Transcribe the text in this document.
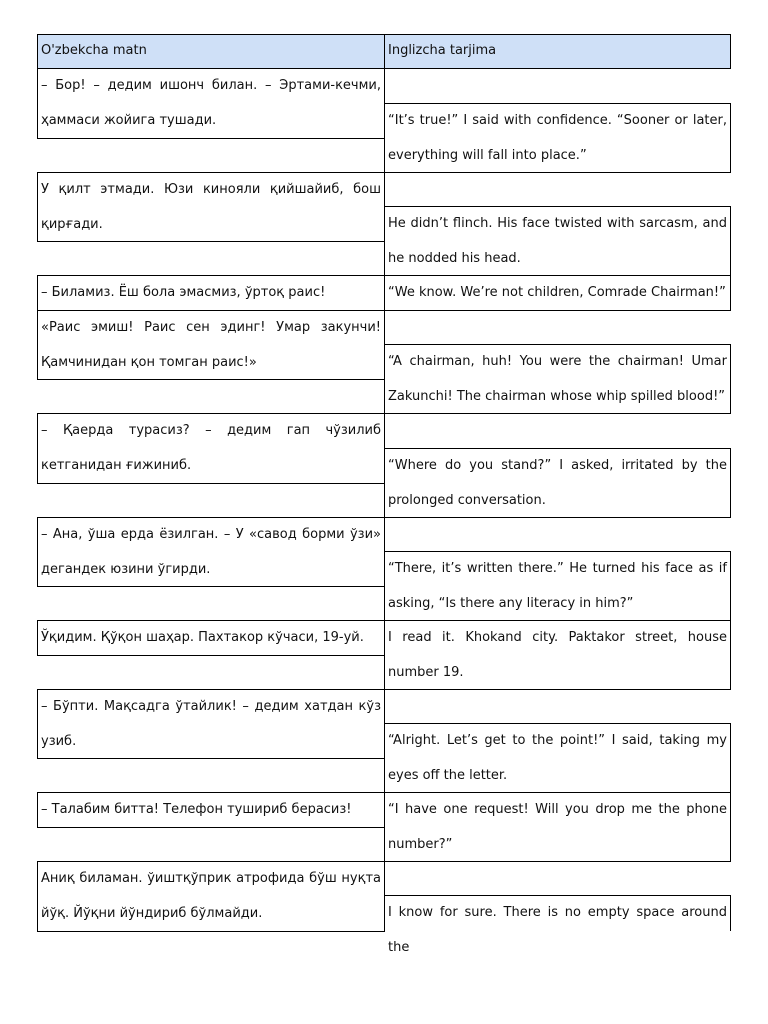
O'zbekcha matn	Inglizcha tarjima
– Бор! – дедим ишонч билан. – Эртами-кечми, ҳаммаси жойига тушади.	“It’s true!” I said with confidence. “Sooner or later, everything will fall into place.”
У қилт этмади. Юзи кинояли қийшайиб, бош қирғади.	He didn’t flinch. His face twisted with sarcasm, and he nodded his head.
– Биламиз. Ёш бола эмасмиз, ўртоқ раис!	“We know. We’re not children, Comrade Chairman!”
«Раис эмиш! Раис сен эдинг! Умар закунчи! Қамчинидан қон томган раис!»	“A chairman, huh! You were the chairman! Umar Zakunchi! The chairman whose whip spilled blood!”
– Қаерда турасиз? – дедим гап чўзилиб кетганидан ғижиниб.	“Where do you stand?” I asked, irritated by the prolonged conversation.
– Ана, ўша ерда ёзилган. – У «савод борми ўзи» дегандек юзини ўгирди.	“There, it’s written there.” He turned his face as if asking, “Is there any literacy in him?”
Ўқидим. Қўқон шаҳар. Пахтакор кўчаси, 19-уй.	I read it. Khokand city. Paktakor street, house number 19.
– Бўпти. Мақсадга ўтайлик! – дедим хатдан кўз узиб.	“Alright. Let’s get to the point!” I said, taking my eyes off the letter.
– Талабим битта! Телефон тушириб берасиз!	“I have one request! Will you drop me the phone number?”
Аниқ биламан. ўиштқўприк атрофида бўш нуқта йўқ. Йўқни йўндириб бўлмайди.	I know for sure. There is no empty space around the
